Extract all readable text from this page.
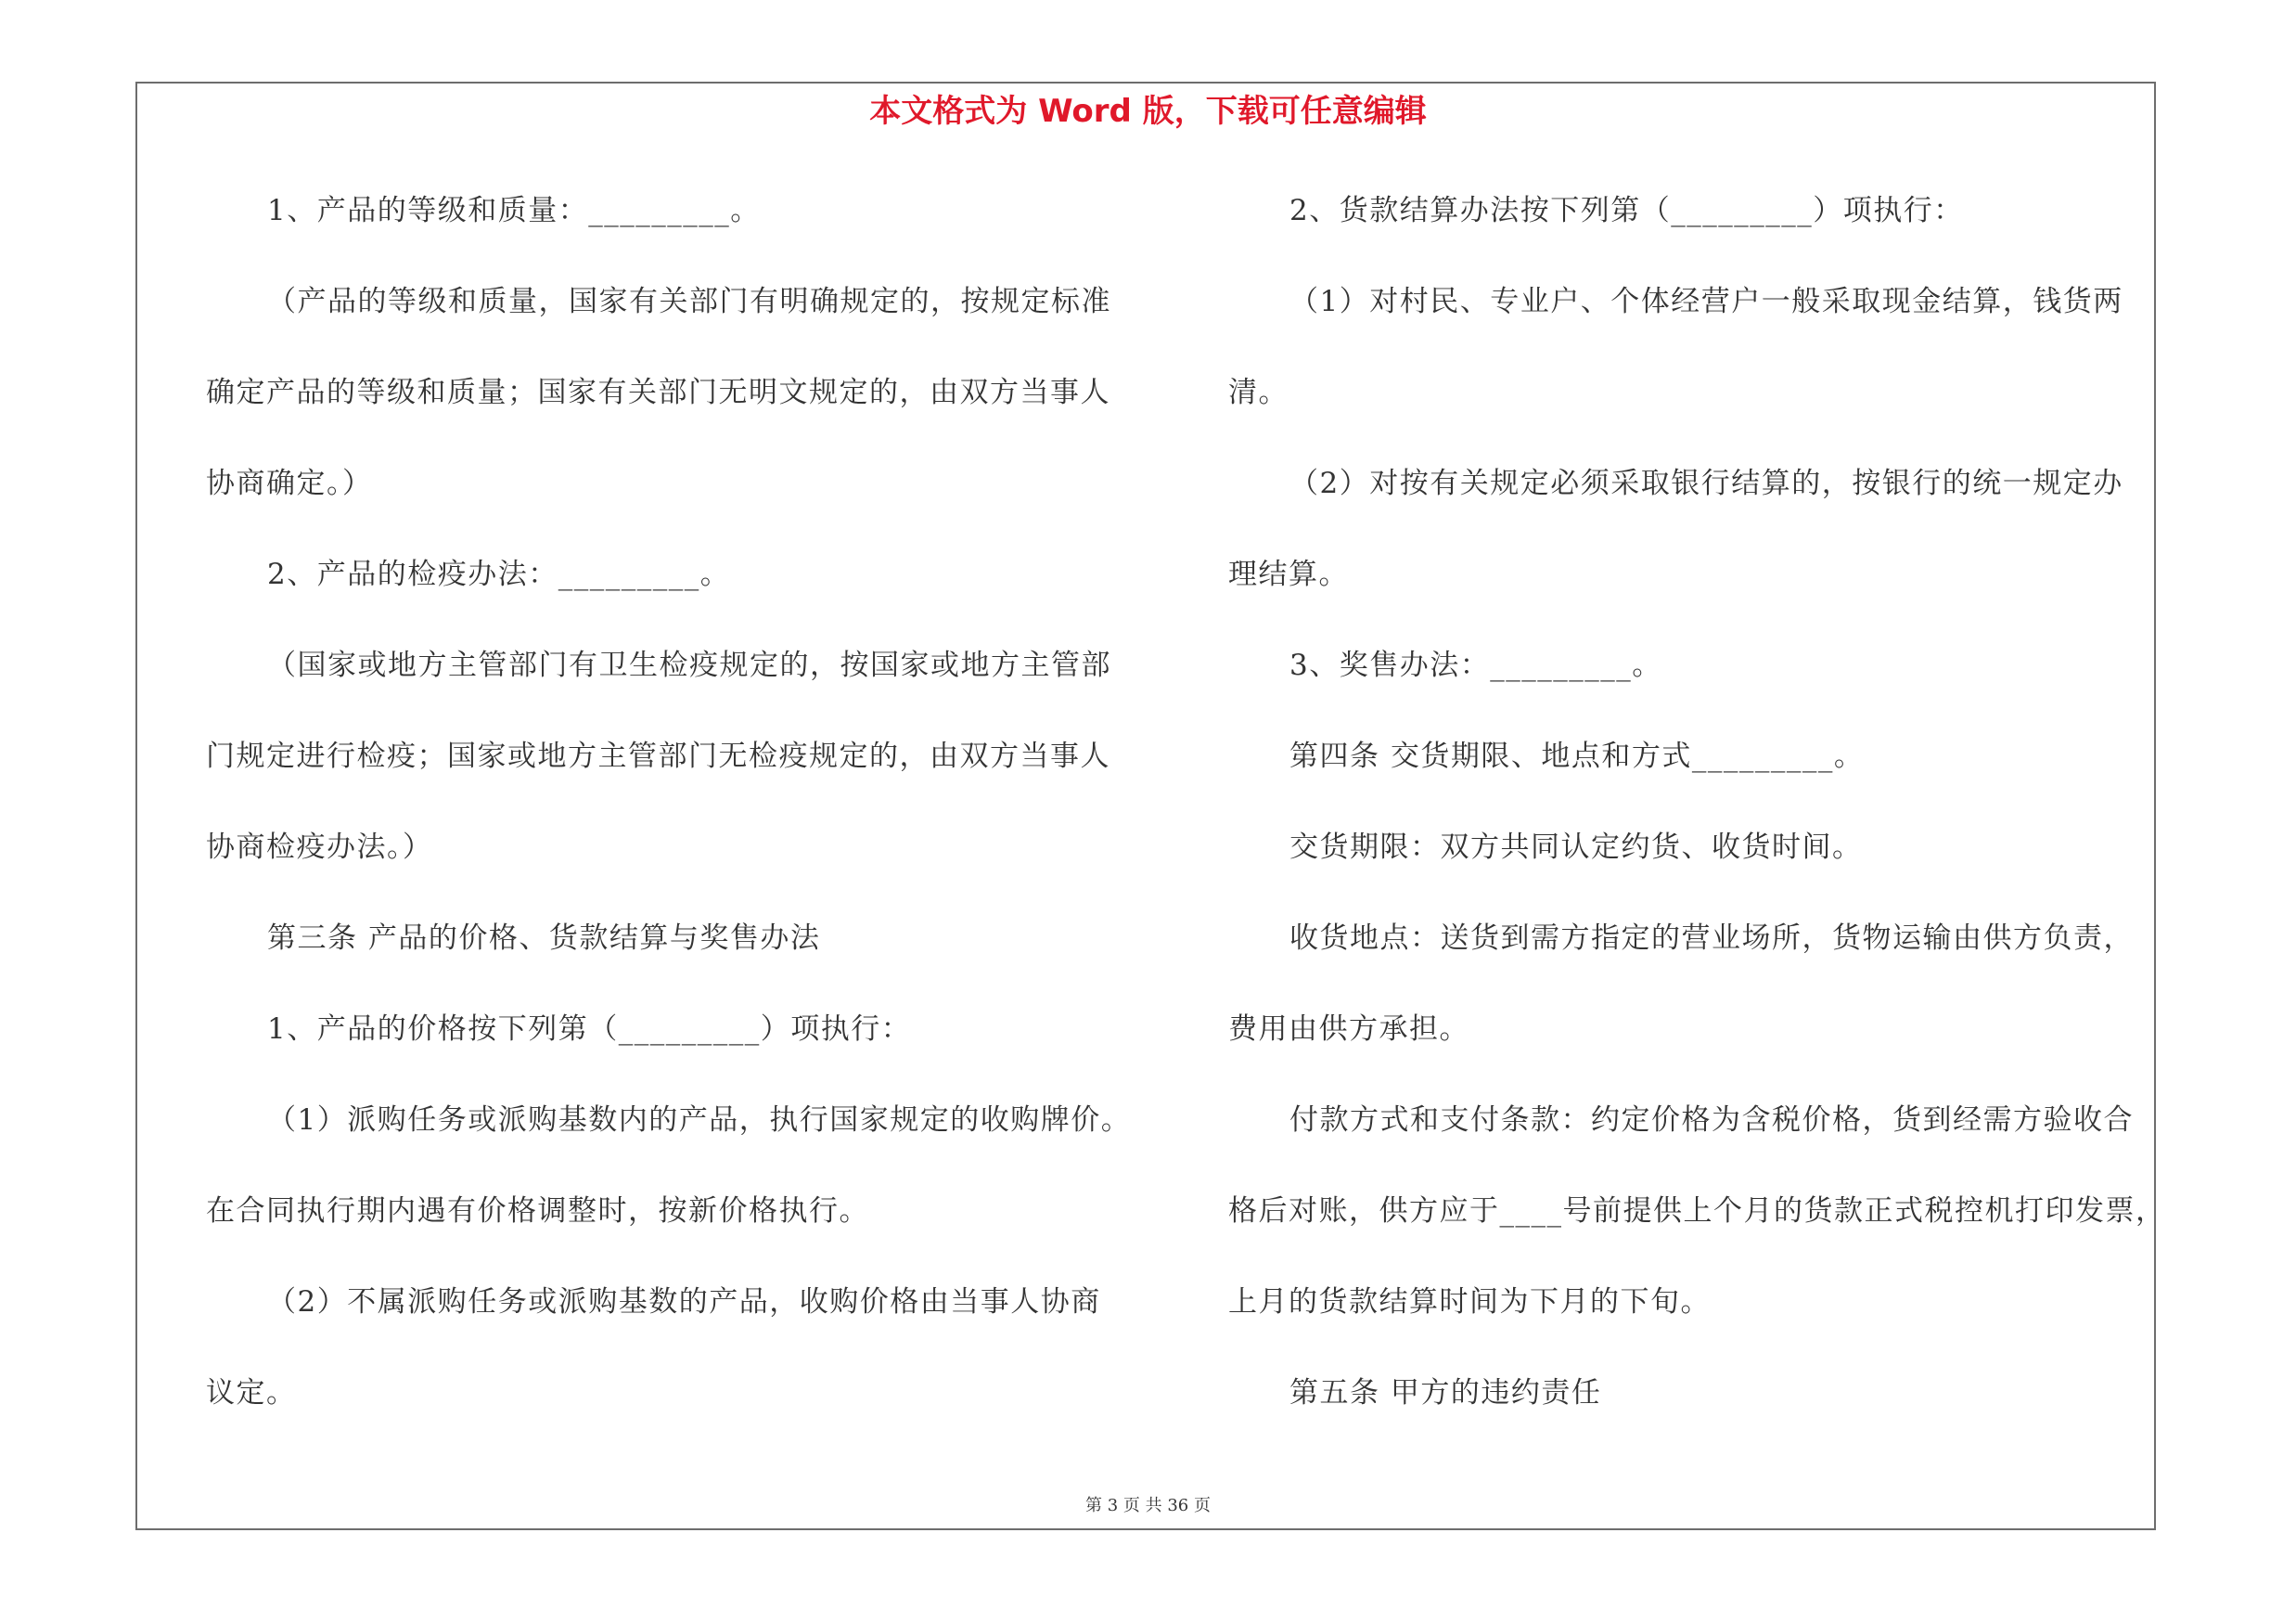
本文格式为 Word 版，下载可任意编辑
1、产品的等级和质量：_________。
（产品的等级和质量，国家有关部门有明确规定的，按规定标准
确定产品的等级和质量；国家有关部门无明文规定的，由双方当事人
协商确定。）
2、产品的检疫办法：_________。
（国家或地方主管部门有卫生检疫规定的，按国家或地方主管部
门规定进行检疫；国家或地方主管部门无检疫规定的，由双方当事人
协商检疫办法。）
第三条 产品的价格、货款结算与奖售办法
1、产品的价格按下列第（_________）项执行：
（1）派购任务或派购基数内的产品，执行国家规定的收购牌价。
在合同执行期内遇有价格调整时，按新价格执行。
（2）不属派购任务或派购基数的产品，收购价格由当事人协商
议定。
2、货款结算办法按下列第（_________）项执行：
（1）对村民、专业户、个体经营户一般采取现金结算，钱货两
清。
（2）对按有关规定必须采取银行结算的，按银行的统一规定办
理结算。
3、奖售办法：_________。
第四条 交货期限、地点和方式_________。
交货期限：双方共同认定约货、收货时间。
收货地点：送货到需方指定的营业场所，货物运输由供方负责，
费用由供方承担。
付款方式和支付条款：约定价格为含税价格，货到经需方验收合
格后对账，供方应于____号前提供上个月的货款正式税控机打印发票，
上月的货款结算时间为下月的下旬。
第五条 甲方的违约责任
第 3 页 共 36 页
